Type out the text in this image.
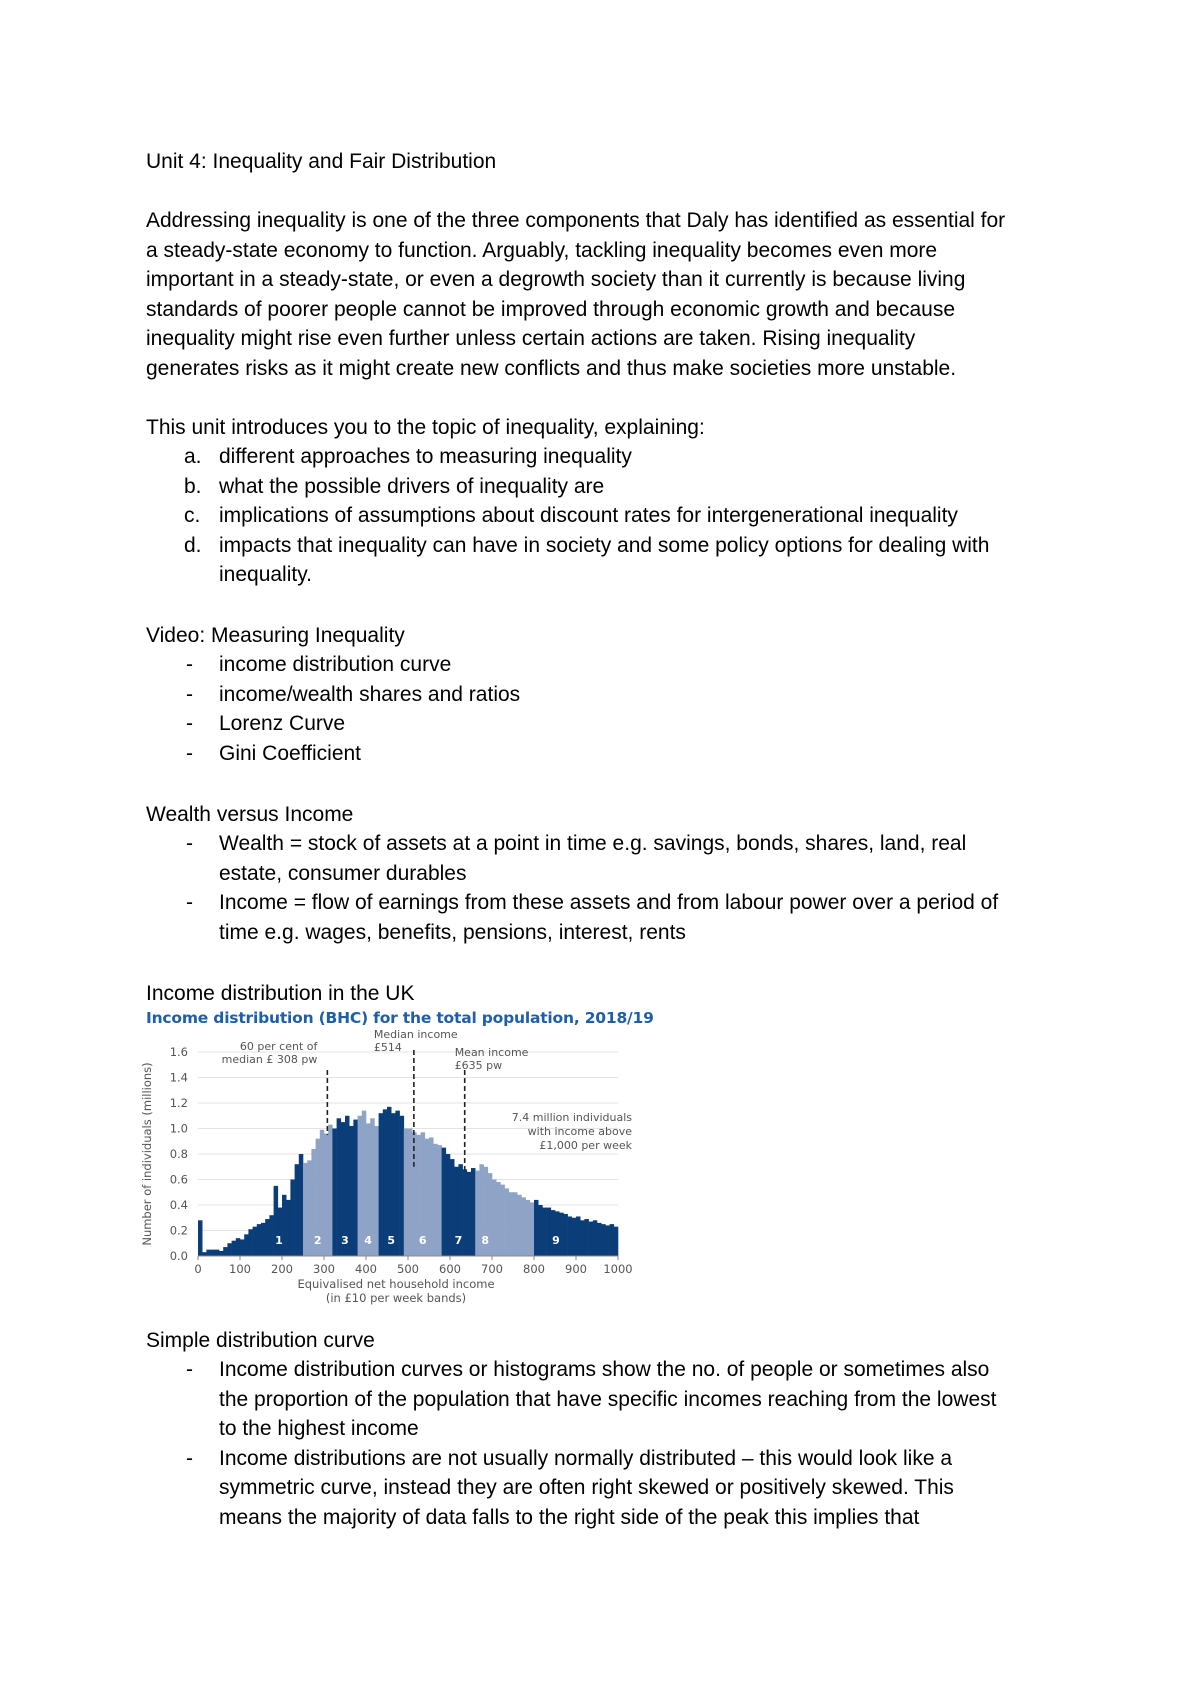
Unit 4: Inequality and Fair Distribution
Addressing inequality is one of the three components that Daly has identified as essential for
a steady-state economy to function. Arguably, tackling inequality becomes even more
important in a steady-state, or even a degrowth society than it currently is because living
standards of poorer people cannot be improved through economic growth and because
inequality might rise even further unless certain actions are taken. Rising inequality
generates risks as it might create new conflicts and thus make societies more unstable.
This unit introduces you to the topic of inequality, explaining:
a. different approaches to measuring inequality
b. what the possible drivers of inequality are
c. implications of assumptions about discount rates for intergenerational inequality
d. impacts that inequality can have in society and some policy options for dealing with
inequality.
Video: Measuring Inequality
- income distribution curve
- income/wealth shares and ratios
- Lorenz Curve
- Gini Coefficient
Wealth versus Income
- Wealth = stock of assets at a point in time e.g. savings, bonds, shares, land, real
estate, consumer durables
- Income = flow of earnings from these assets and from labour power over a period of
time e.g. wages, benefits, pensions, interest, rents
Income distribution in the UK
Income distribution (BHC) for the total population, 2018/19
1	2 3 4 5 6	7 8	9
60 per cent of
median £ 308 pw
Median income
£514	Mean income
£635 pw
0.0
0.2
0.4
0.6
0.8
1.0
1.2
1.4
1.6
0 100 200 300 400 500 600 700 800 900 1000
Equivalised net household income
(in £10 per week bands)
Number of individuals (millions)	7.4 million individuals
with income above
£1,000 per week
Simple distribution curve
- Income distribution curves or histograms show the no. of people or sometimes also
the proportion of the population that have specific incomes reaching from the lowest
to the highest income
- Income distributions are not usually normally distributed – this would look like a
symmetric curve, instead they are often right skewed or positively skewed. This
means the majority of data falls to the right side of the peak this implies that
